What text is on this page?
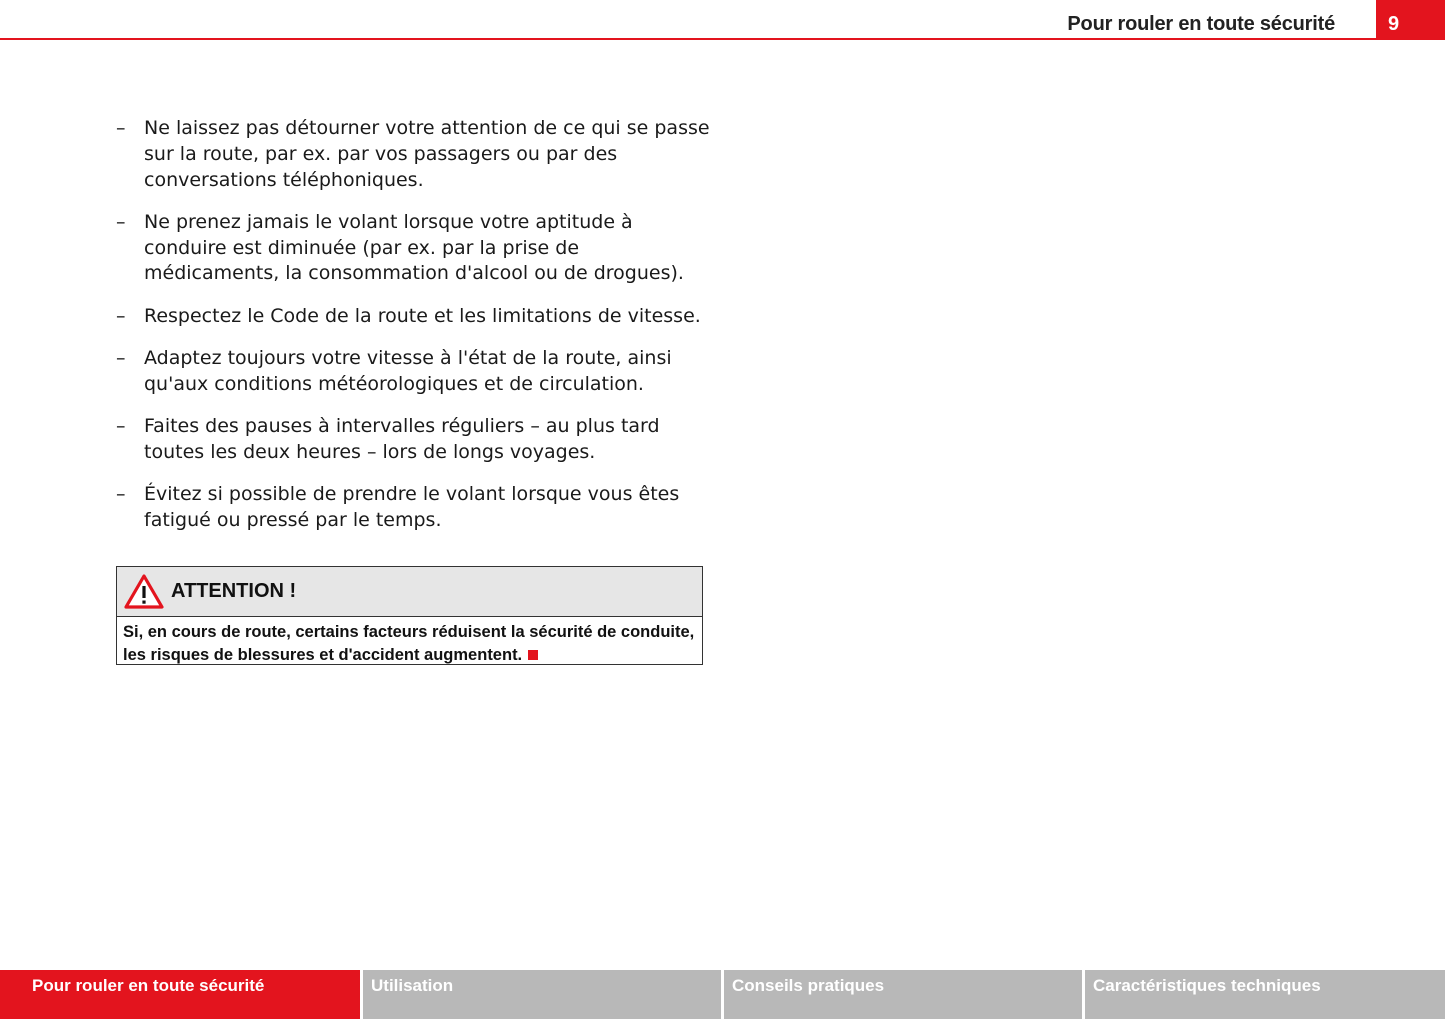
Pour rouler en toute sécurité	9
– Ne laissez pas détourner votre attention de ce qui se passe sur la route, par ex. par vos passagers ou par des conversations téléphoniques.
– Ne prenez jamais le volant lorsque votre aptitude à conduire est diminuée (par ex. par la prise de médicaments, la consommation d'alcool ou de drogues).
– Respectez le Code de la route et les limitations de vitesse.
– Adaptez toujours votre vitesse à l'état de la route, ainsi qu'aux conditions météorologiques et de circulation.
– Faites des pauses à intervalles réguliers – au plus tard toutes les deux heures – lors de longs voyages.
– Évitez si possible de prendre le volant lorsque vous êtes fatigué ou pressé par le temps.
ATTENTION !
Si, en cours de route, certains facteurs réduisent la sécurité de conduite, les risques de blessures et d'accident augmentent.
Pour rouler en toute sécurité	Utilisation	Conseils pratiques	Caractéristiques techniques
